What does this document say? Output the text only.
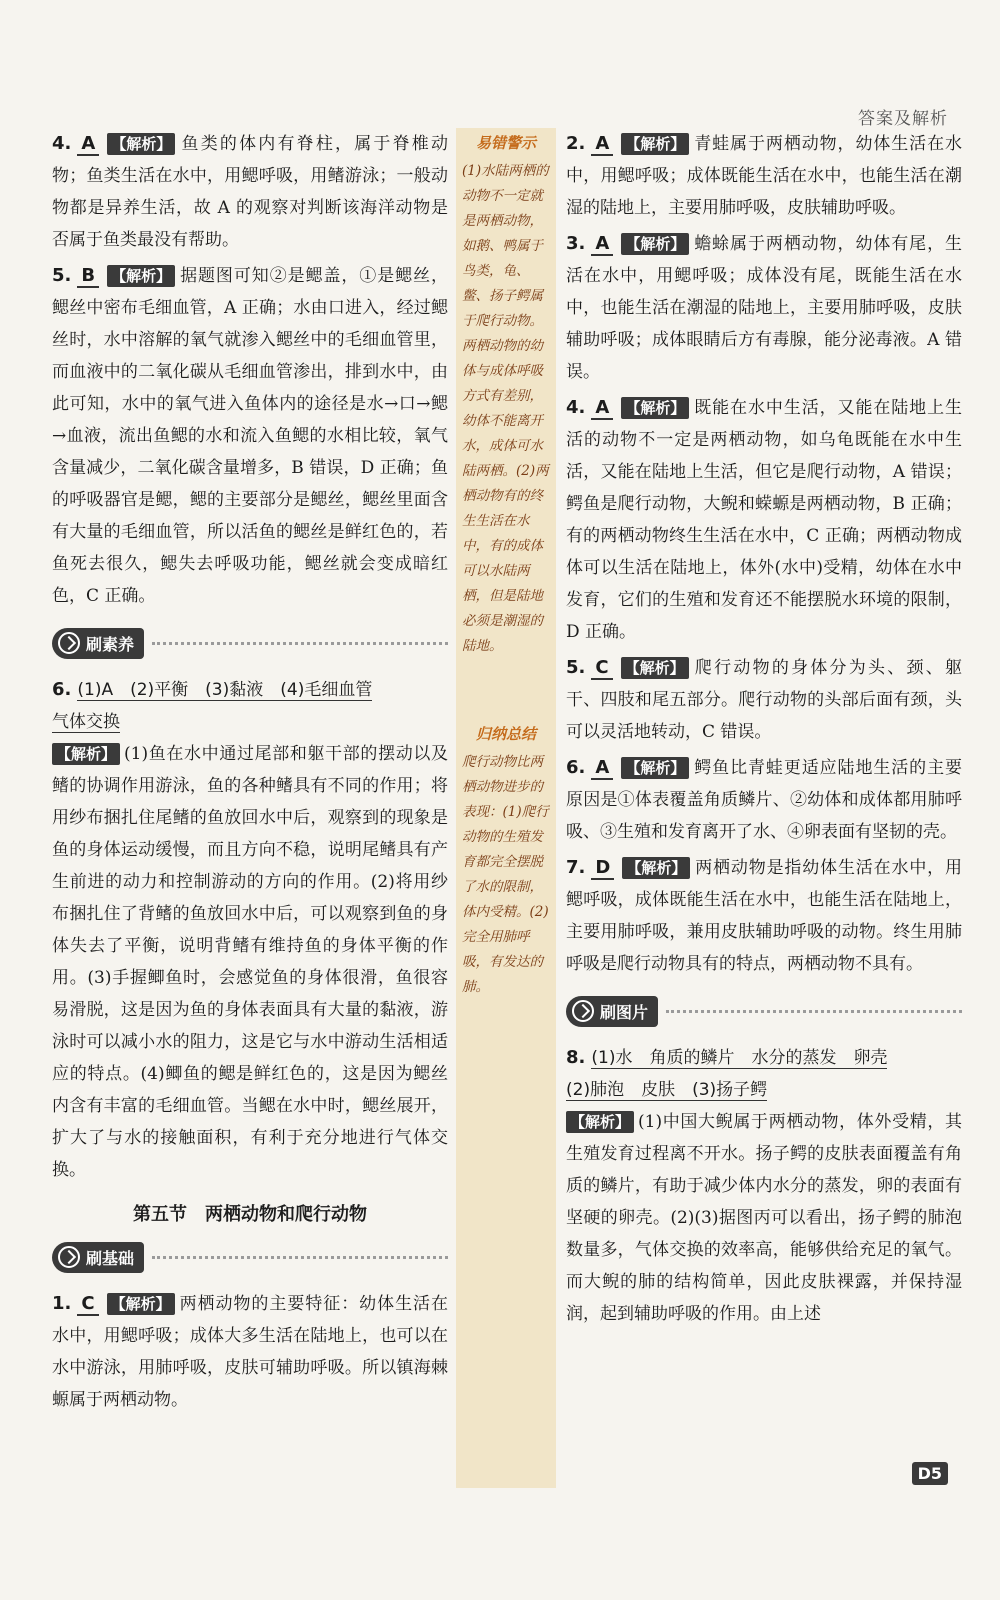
答案及解析
4. A 【 解析 】 鱼类的体内有脊柱，属于脊椎动物；鱼类生活在水中，用鳃呼吸，用鳍游泳；一般动物都是异养生活，故 A 的观察对判断该海洋动物是否属于鱼类最没有帮助。
5. B 【 解析 】 据题图可知②是鳃盖，①是鳃丝，鳃丝中密布毛细血管，A 正确；水由口进入，经过鳃丝时，水中溶解的氧气就渗入鳃丝中的毛细血管里，而血液中的二氧化碳从毛细血管渗出，排到水中，由此可知，水中的氧气进入鱼体内的途径是水→口→鳃→血液，流出鱼鳃的水和流入鱼鳃的水相比较，氧气含量减少，二氧化碳含量增多，B 错误，D 正确；鱼的呼吸器官是鳃，鳃的主要部分是鳃丝，鳃丝里面含有大量的毛细血管，所以活鱼的鳃丝是鲜红色的，若鱼死去很久，鳃失去呼吸功能，鳃丝就会变成暗红色，C 正确。
刷素养
6. (1)A　(2)平衡　(3)黏液　(4)毛细血管
气体交换
【 解析 】 (1)鱼在水中通过尾部和躯干部的摆动以及鳍的协调作用游泳，鱼的各种鳍具有不同的作用；将用纱布捆扎住尾鳍的鱼放回水中后，观察到的现象是鱼的身体运动缓慢，而且方向不稳，说明尾鳍具有产生前进的动力和控制游动的方向的作用。(2)将用纱布捆扎住了背鳍的鱼放回水中后，可以观察到鱼的身体失去了平衡，说明背鳍有维持鱼的身体平衡的作用。(3)手握鲫鱼时，会感觉鱼的身体很滑，鱼很容易滑脱，这是因为鱼的身体表面具有大量的黏液，游泳时可以减小水的阻力，这是它与水中游动生活相适应的特点。(4)鲫鱼的鳃是鲜红色的，这是因为鳃丝内含有丰富的毛细血管。当鳃在水中时，鳃丝展开，扩大了与水的接触面积，有利于充分地进行气体交换。
第五节　两栖动物和爬行动物
刷基础
1. C 【 解析 】 两栖动物的主要特征：幼体生活在水中，用鳃呼吸；成体大多生活在陆地上，也可以在水中游泳，用肺呼吸，皮肤可辅助呼吸。所以镇海棘螈属于两栖动物。
易错警示
(1)水陆两栖的动物不一定就是两栖动物，如鹅、鸭属于鸟类，龟、鳖、扬子鳄属于爬行动物。两栖动物的幼体与成体呼吸方式有差别，幼体不能离开水，成体可水陆两栖。(2)两栖动物有的终生生活在水中，有的成体可以水陆两栖，但是陆地必须是潮湿的陆地。
归纳总结
爬行动物比两栖动物进步的表现：(1)爬行动物的生殖发育都完全摆脱了水的限制，体内受精。(2)完全用肺呼吸，有发达的肺。
2. A 【 解析 】 青蛙属于两栖动物，幼体生活在水中，用鳃呼吸；成体既能生活在水中，也能生活在潮湿的陆地上，主要用肺呼吸，皮肤辅助呼吸。
3. A 【 解析 】 蟾蜍属于两栖动物，幼体有尾，生活在水中，用鳃呼吸；成体没有尾，既能生活在水中，也能生活在潮湿的陆地上，主要用肺呼吸，皮肤辅助呼吸；成体眼睛后方有毒腺，能分泌毒液。A 错误。
4. A 【 解析 】 既能在水中生活，又能在陆地上生活的动物不一定是两栖动物，如乌龟既能在水中生活，又能在陆地上生活，但它是爬行动物，A 错误；鳄鱼是爬行动物，大鲵和蝾螈是两栖动物，B 正确；有的两栖动物终生生活在水中，C 正确；两栖动物成体可以生活在陆地上，体外(水中)受精，幼体在水中发育，它们的生殖和发育还不能摆脱水环境的限制，D 正确。
5. C 【 解析 】 爬行动物的身体分为头、颈、躯干、四肢和尾五部分。爬行动物的头部后面有颈，头可以灵活地转动，C 错误。
6. A 【 解析 】 鳄鱼比青蛙更适应陆地生活的主要原因是①体表覆盖角质鳞片、②幼体和成体都用肺呼吸、③生殖和发育离开了水、④卵表面有坚韧的壳。
7. D 【 解析 】 两栖动物是指幼体生活在水中，用鳃呼吸，成体既能生活在水中，也能生活在陆地上，主要用肺呼吸，兼用皮肤辅助呼吸的动物。终生用肺呼吸是爬行动物具有的特点，两栖动物不具有。
刷图片
8. (1)水　角质的鳞片　水分的蒸发　卵壳
(2)肺泡　皮肤　(3)扬子鳄
【 解析 】 (1)中国大鲵属于两栖动物，体外受精，其生殖发育过程离不开水。扬子鳄的皮肤表面覆盖有角质的鳞片，有助于减少体内水分的蒸发，卵的表面有坚硬的卵壳。(2)(3)据图丙可以看出，扬子鳄的肺泡数量多，气体交换的效率高，能够供给充足的氧气。而大鲵的肺的结构简单，因此皮肤裸露，并保持湿润，起到辅助呼吸的作用。由上述
D5
